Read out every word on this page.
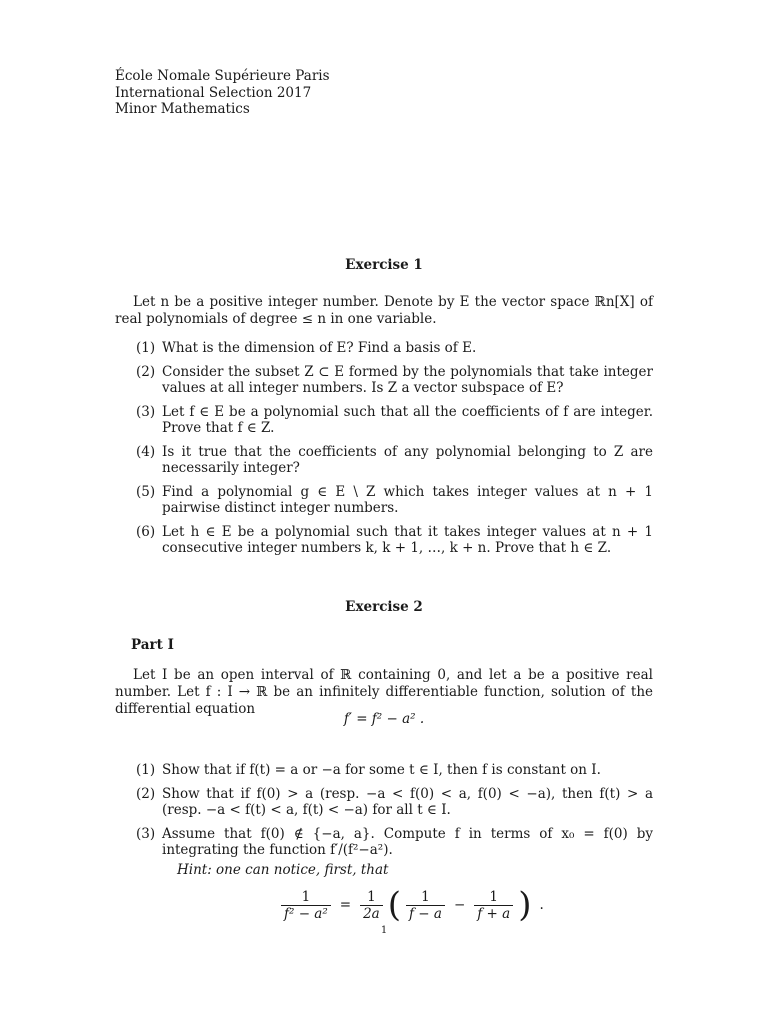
École Nomale Supérieure Paris
International Selection 2017
Minor Mathematics
Exercise 1
Let n be a positive integer number. Denote by E the vector space ℝn[X] of real polynomials of degree ≤ n in one variable.
(1) What is the dimension of E? Find a basis of E.
(2) Consider the subset Z ⊂ E formed by the polynomials that take integer values at all integer numbers. Is Z a vector subspace of E?
(3) Let f ∈ E be a polynomial such that all the coefficients of f are integer. Prove that f ∈ Z.
(4) Is it true that the coefficients of any polynomial belonging to Z are necessarily integer?
(5) Find a polynomial g ∈ E \ Z which takes integer values at n + 1 pairwise distinct integer numbers.
(6) Let h ∈ E be a polynomial such that it takes integer values at n + 1 consecutive integer numbers k, k + 1, …, k + n. Prove that h ∈ Z.
Exercise 2
Part I
Let I be an open interval of ℝ containing 0, and let a be a positive real number. Let f : I → ℝ be an infinitely differentiable function, solution of the differential equation
f′ = f² − a² .
(1) Show that if f(t) = a or −a for some t ∈ I, then f is constant on I.
(2) Show that if f(0) > a (resp. −a < f(0) < a, f(0) < −a), then f(t) > a (resp. −a < f(t) < a, f(t) < −a) for all t ∈ I.
(3) Assume that f(0) ∉ {−a, a}. Compute f in terms of x₀ = f(0) by integrating the function f′/(f²−a²).
Hint: one can notice, first, that
$\frac{1}{\text{f² − a²}} = \frac{1}{2a}$ ( $\frac{1}{f - a} - \frac{1}{f + a}$ ) .
1
